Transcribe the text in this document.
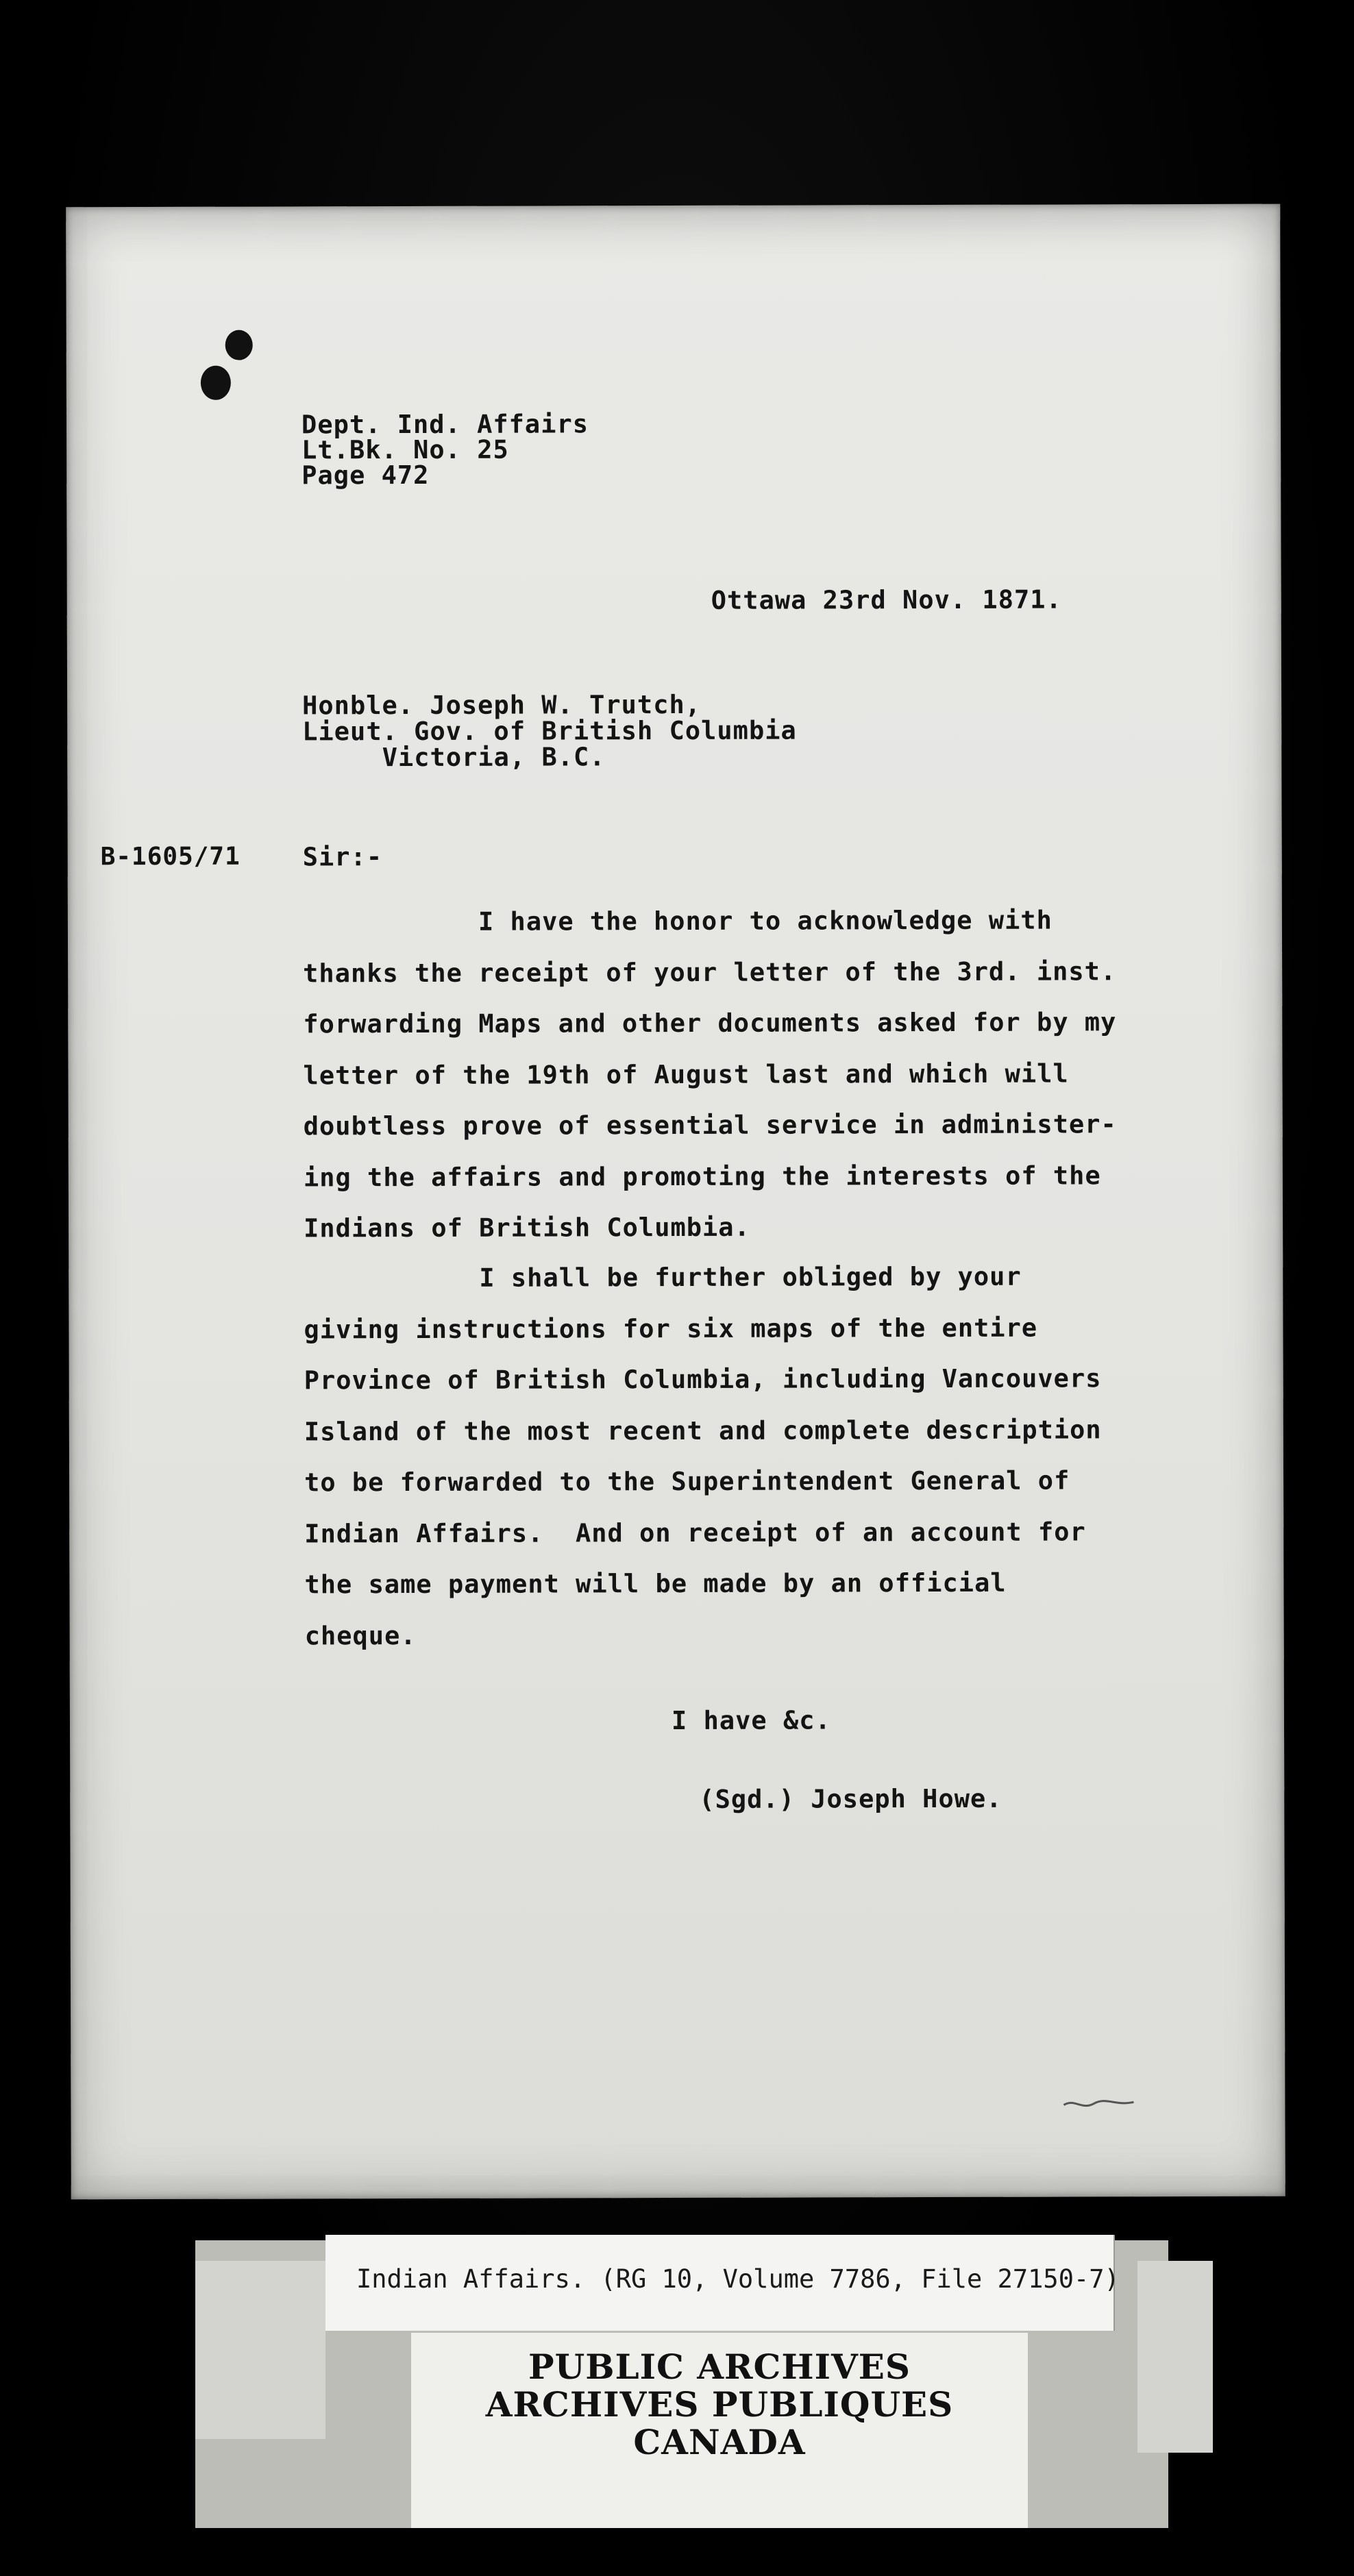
Dept. Ind. Affairs
Lt.Bk. No. 25
Page 472

Ottawa 23rd Nov. 1871.

Honble. Joseph W. Trutch,
Lieut. Gov. of British Columbia
Victoria, B.C.

B-1605/71 Sir:-

I have the honor to acknowledge with
thanks the receipt of your letter of the 3rd. inst.
forwarding Maps and other documents asked for by my
letter of the 19th of August last and which will
doubtless prove of essential service in administer-
ing the affairs and promoting the interests of the
Indians of British Columbia.

I shall be further obliged by your
giving instructions for six maps of the entire
Province of British Columbia, including Vancouvers
Island of the most recent and complete description
to be forwarded to the Superintendent General of
Indian Affairs.  And on receipt of an account for
the same payment will be made by an official
cheque.

I have &c.

(Sgd.) Joseph Howe.

Indian Affairs. (RG 10, Volume 7786, File 27150-7)

PUBLIC ARCHIVES

ARCHIVES PUBLIQUES

CANADA
